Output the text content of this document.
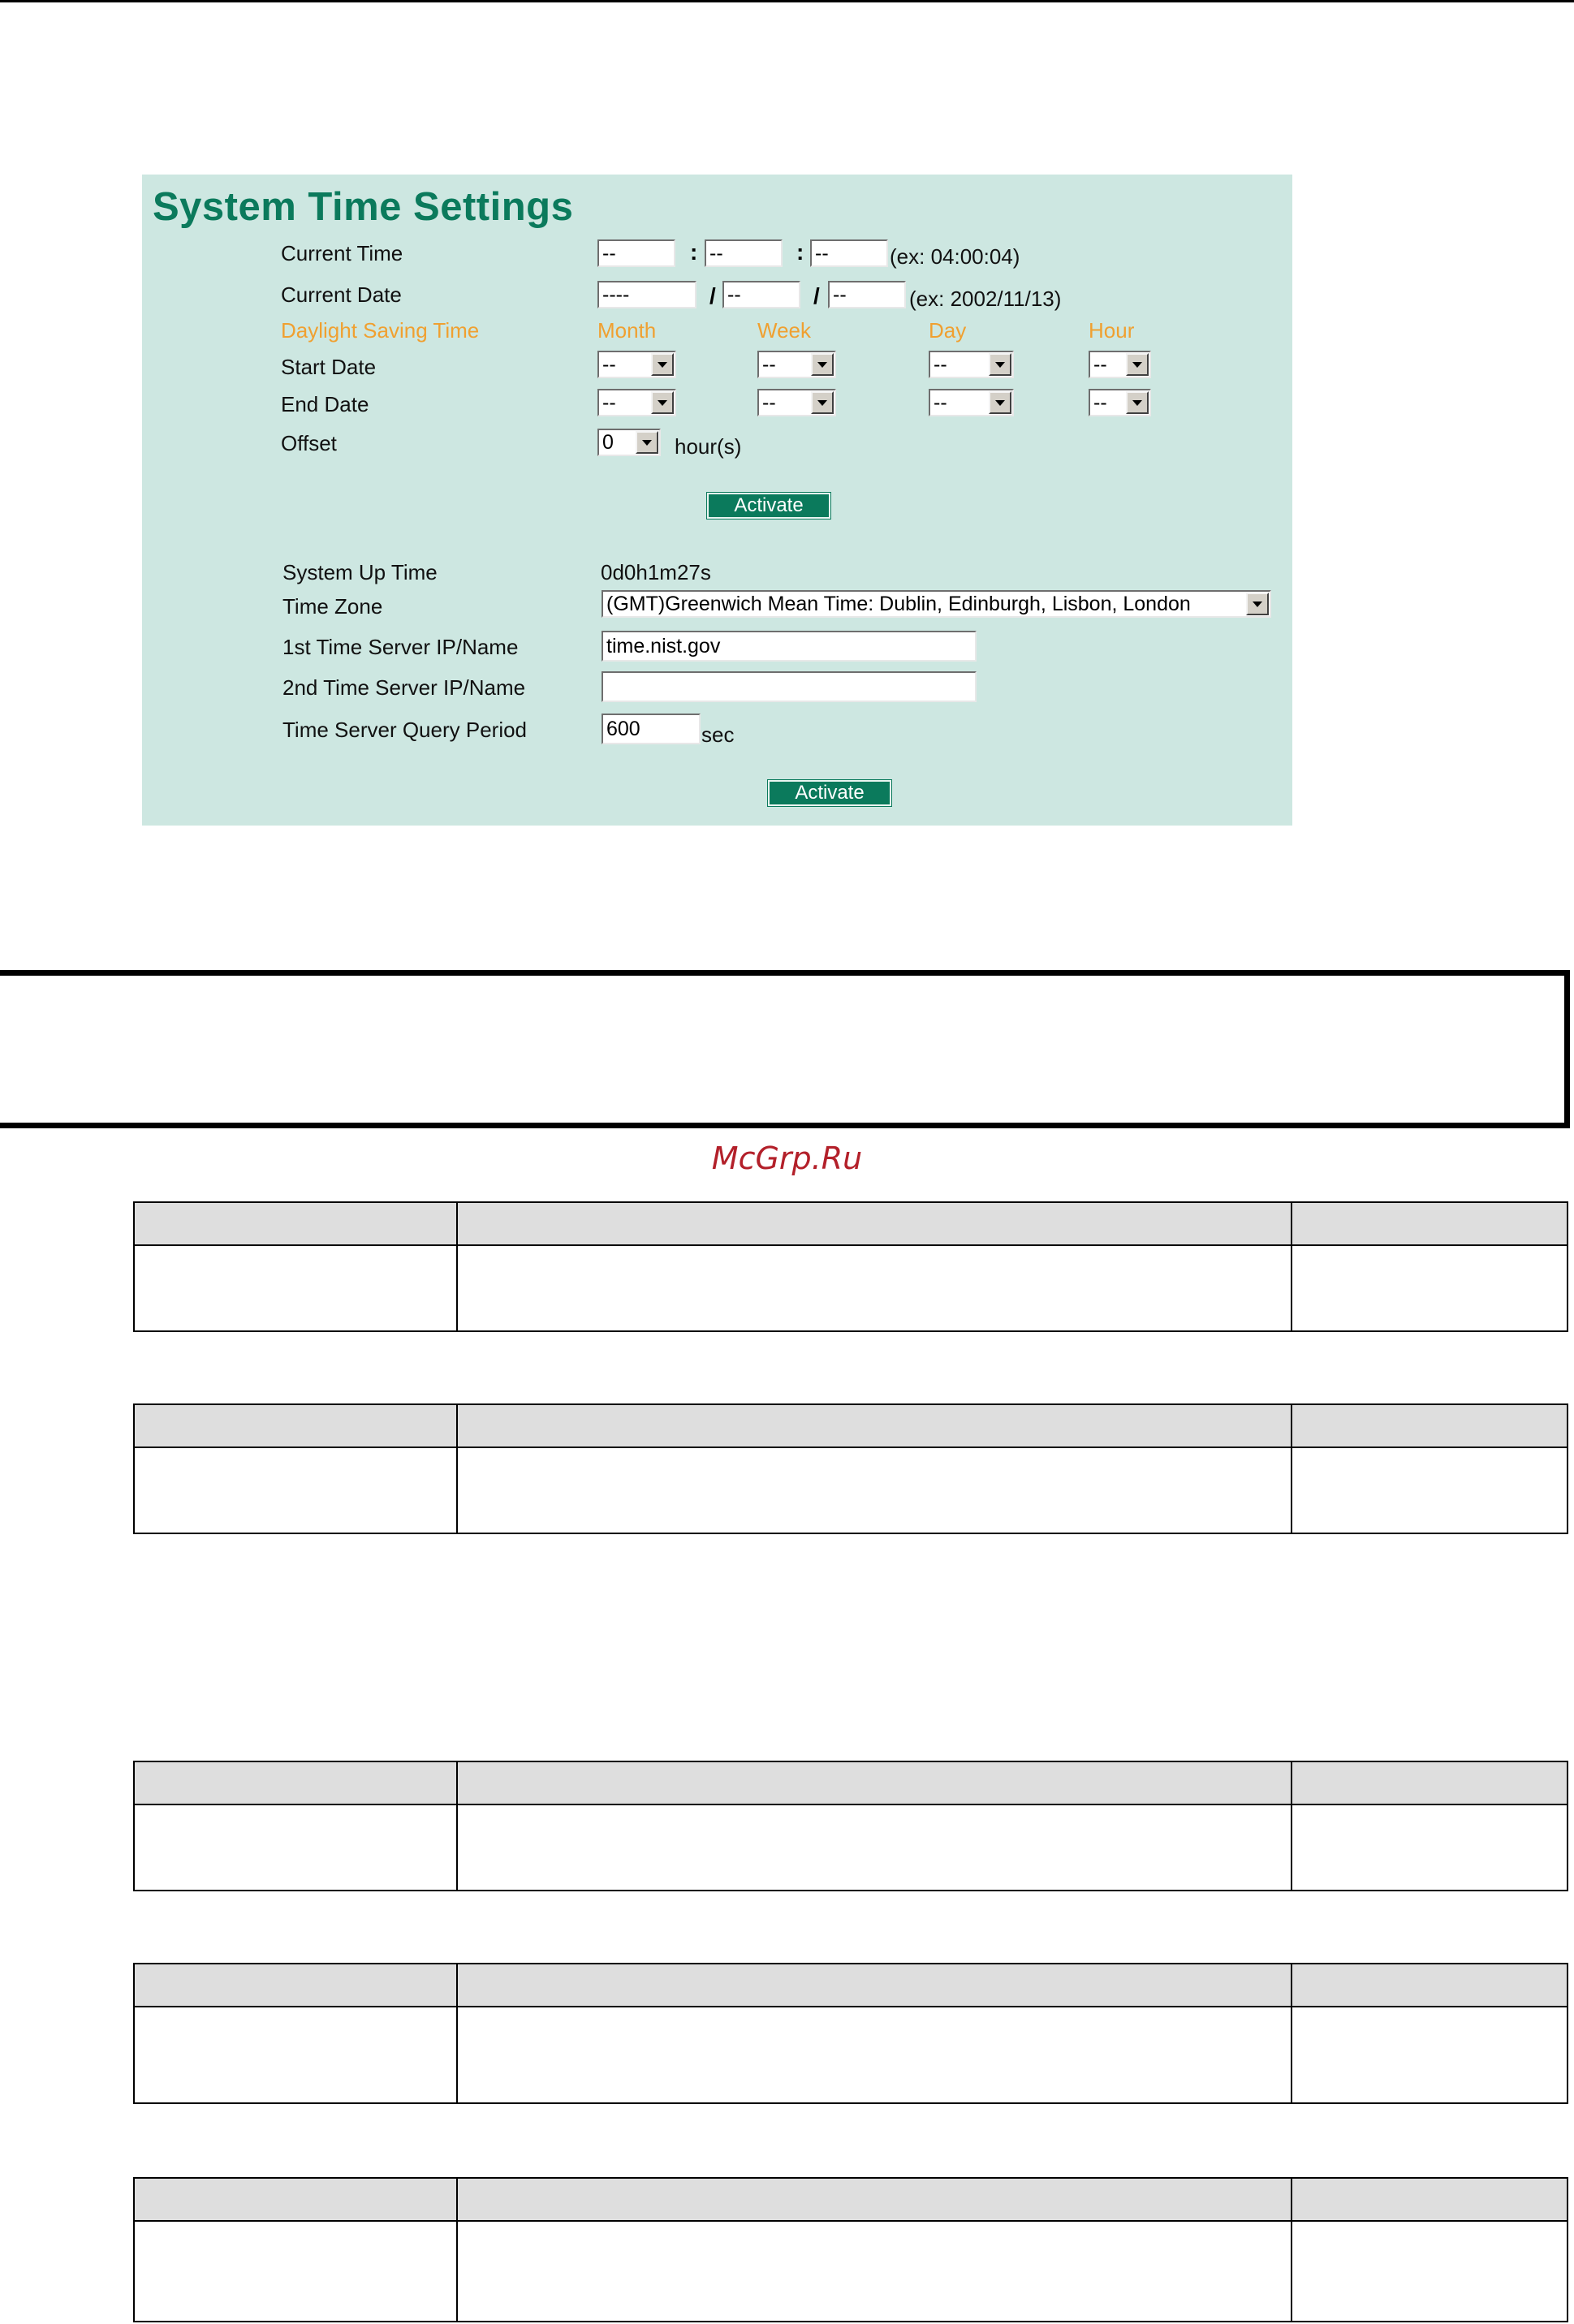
System Time Settings
Current Time	--	: --	: --	(ex: 04:00:04)
Current Date	----	/ --	/ --	(ex: 2002/11/13)
Daylight Saving Time	Month	Week	Day	Hour
Start Date	--	--	--	--
End Date	--	--	--	--
Offset	0	hour(s)
Activate
System Up Time	0d0h1m27s
Time Zone	(GMT)Greenwich Mean Time: Dublin, Edinburgh, Lisbon, London
1st Time Server IP/Name	time.nist.gov
2nd Time Server IP/Name
Time Server Query Period	600	sec
Activate
McGrp.Ru
